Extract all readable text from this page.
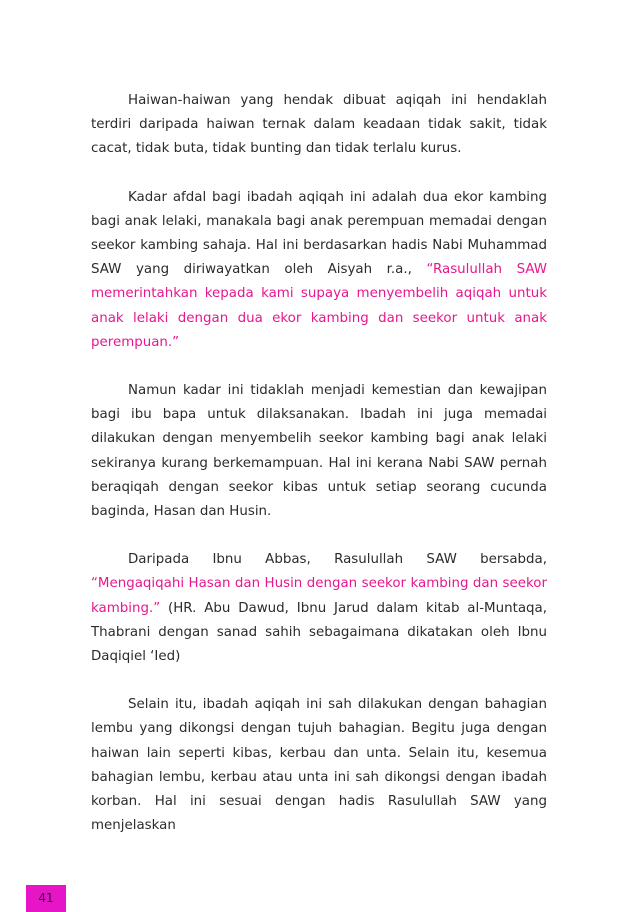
Haiwan-haiwan yang hendak dibuat aqiqah ini hendaklah terdiri daripada haiwan ternak dalam keadaan tidak sakit, tidak cacat, tidak buta, tidak bunting dan tidak terlalu kurus.

Kadar afdal bagi ibadah aqiqah ini adalah dua ekor kambing bagi anak lelaki, manakala bagi anak perempuan memadai dengan seekor kambing sahaja. Hal ini berdasarkan hadis Nabi Muhammad SAW yang diriwayatkan oleh Aisyah r.a., “Rasulullah SAW memerintahkan kepada kami supaya menyembelih aqiqah untuk anak lelaki dengan dua ekor kambing dan seekor untuk anak perempuan.”

Namun kadar ini tidaklah menjadi kemestian dan kewajipan bagi ibu bapa untuk dilaksanakan. Ibadah ini juga memadai dilakukan dengan menyembelih seekor kambing bagi anak lelaki sekiranya kurang berkemampuan. Hal ini kerana Nabi SAW pernah beraqiqah dengan seekor kibas untuk setiap seorang cucunda baginda, Hasan dan Husin.

Daripada Ibnu Abbas, Rasulullah SAW bersabda, “Mengaqiqahi Hasan dan Husin dengan seekor kambing dan seekor kambing.” (HR. Abu Dawud, Ibnu Jarud dalam kitab al-Muntaqa, Thabrani dengan sanad sahih sebagaimana dikatakan oleh Ibnu Daqiqiel ‘Ied)

Selain itu, ibadah aqiqah ini sah dilakukan dengan bahagian lembu yang dikongsi dengan tujuh bahagian. Begitu juga dengan haiwan lain seperti kibas, kerbau dan unta. Selain itu, kesemua bahagian lembu, kerbau atau unta ini sah dikongsi dengan ibadah korban. Hal ini sesuai dengan hadis Rasulullah SAW yang menjelaskan

41
